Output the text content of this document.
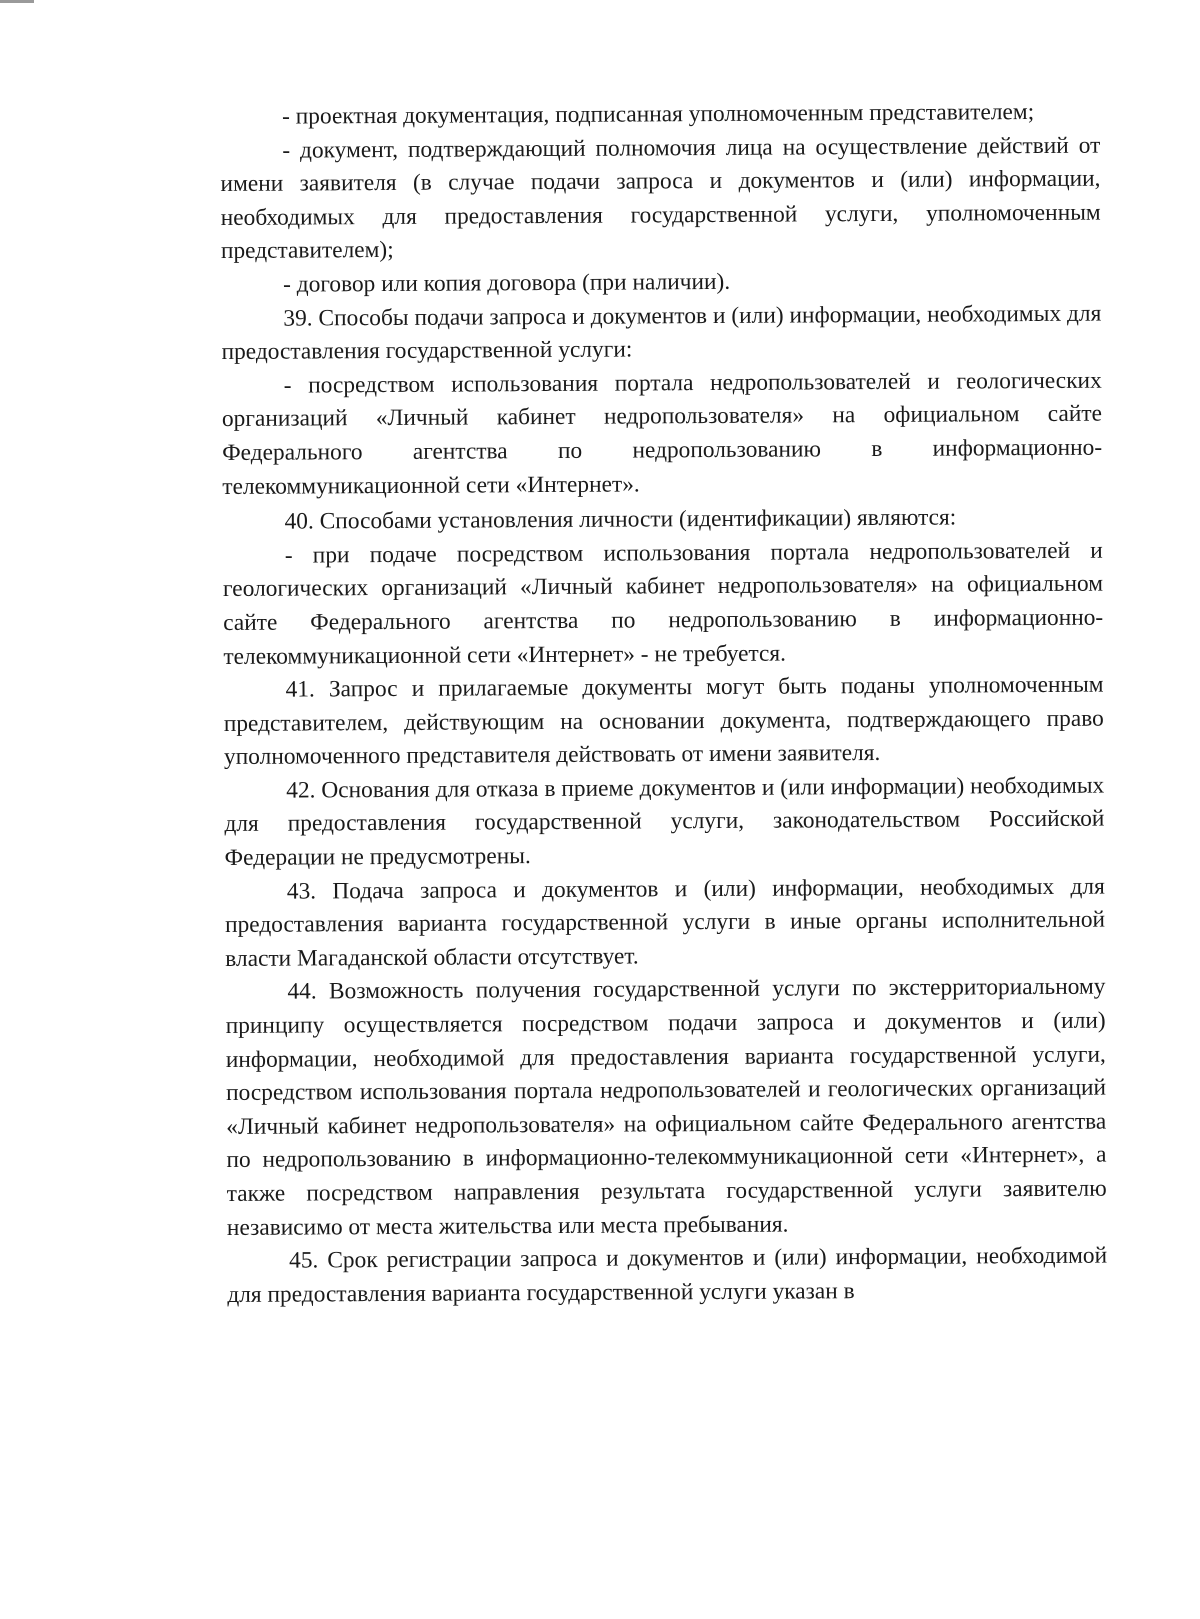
- проектная документация, подписанная уполномоченным представителем;

- документ, подтверждающий полномочия лица на осуществление действий от имени заявителя (в случае подачи запроса и документов и (или) информации, необходимых для предоставления государственной услуги, уполномоченным представителем);

- договор или копия договора (при наличии).

39. Способы подачи запроса и документов и (или) информации, необходимых для предоставления государственной услуги:

- посредством использования портала недропользователей и геологических организаций «Личный кабинет недропользователя» на официальном сайте Федерального агентства по недропользованию в информационно-телекоммуникационной сети «Интернет».

40. Способами установления личности (идентификации) являются:

- при подаче посредством использования портала недропользователей и геологических организаций «Личный кабинет недропользователя» на официальном сайте Федерального агентства по недропользованию в информационно-телекоммуникационной сети «Интернет» - не требуется.

41. Запрос и прилагаемые документы могут быть поданы уполномоченным представителем, действующим на основании документа, подтверждающего право уполномоченного представителя действовать от имени заявителя.

42. Основания для отказа в приеме документов и (или информации) необходимых для предоставления государственной услуги, законодательством Российской Федерации не предусмотрены.

43. Подача запроса и документов и (или) информации, необходимых для предоставления варианта государственной услуги в иные органы исполнительной власти Магаданской области отсутствует.

44. Возможность получения государственной услуги по экстерриториальному принципу осуществляется посредством подачи запроса и документов и (или) информации, необходимой для предоставления варианта государственной услуги, посредством использования портала недропользователей и геологических организаций «Личный кабинет недропользователя» на официальном сайте Федерального агентства по недропользованию в информационно-телекоммуникационной сети «Интернет», а также посредством направления результата государственной услуги заявителю независимо от места жительства или места пребывания.

45. Срок регистрации запроса и документов и (или) информации, необходимой для предоставления варианта государственной услуги указан в
